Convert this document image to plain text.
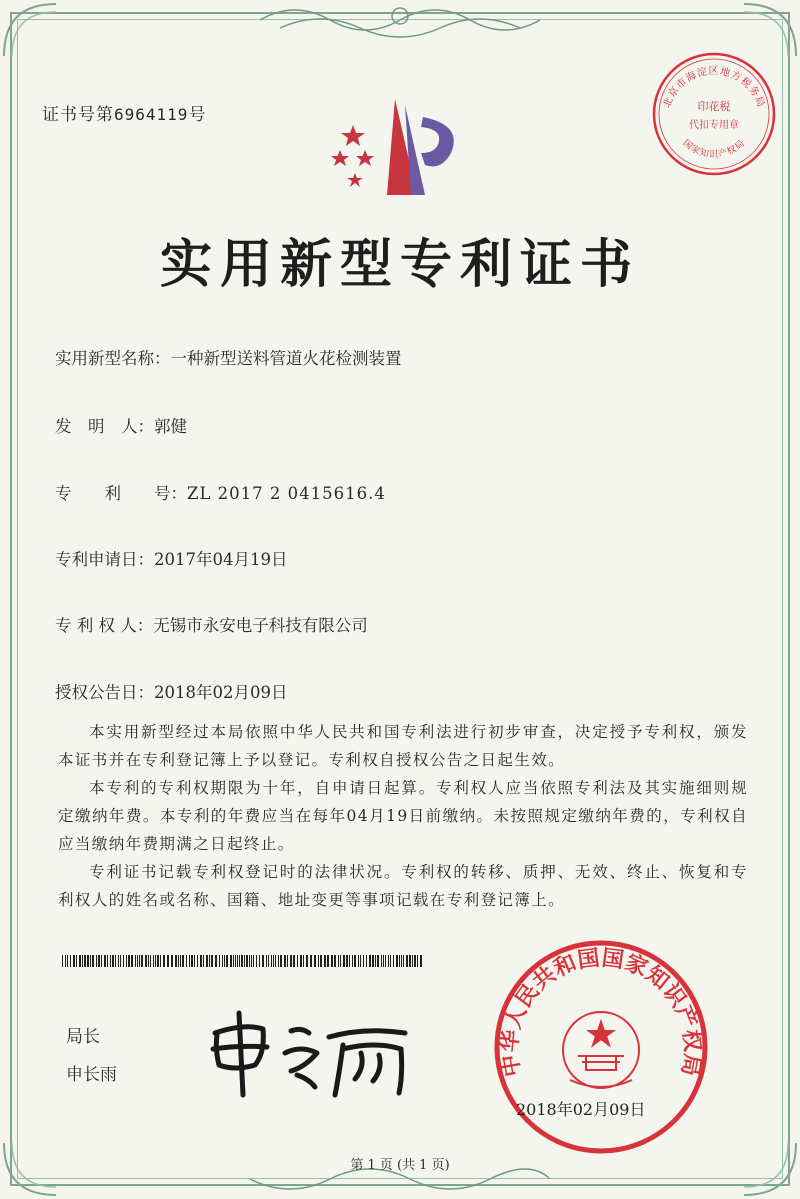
证书号第6964119号
实用新型专利证书
实用新型名称：一种新型送料管道火花检测装置
发　明　人：郭健
专　　利　　号：ZL 2017 2 0415616.4
专利申请日：2017年04月19日
专 利 权 人：无锡市永安电子科技有限公司
授权公告日：2018年02月09日

本实用新型经过本局依照中华人民共和国专利法进行初步审查，决定授予专利权，颁发本证书并在专利登记簿上予以登记。专利权自授权公告之日起生效。

本专利的专利权期限为十年，自申请日起算。专利权人应当依照专利法及其实施细则规定缴纳年费。本专利的年费应当在每年04月19日前缴纳。未按照规定缴纳年费的，专利权自应当缴纳年费期满之日起终止。

专利证书记载专利权登记时的法律状况。专利权的转移、质押、无效、终止、恢复和专利权人的姓名或名称、国籍、地址变更等事项记载在专利登记簿上。

局长
申长雨
北京市海淀区地方税务局
国家知识产权局
印花税
代扣专用章
中华人民共和国国家知识产权局
2018年02月09日
第 1 页 (共 1 页)
